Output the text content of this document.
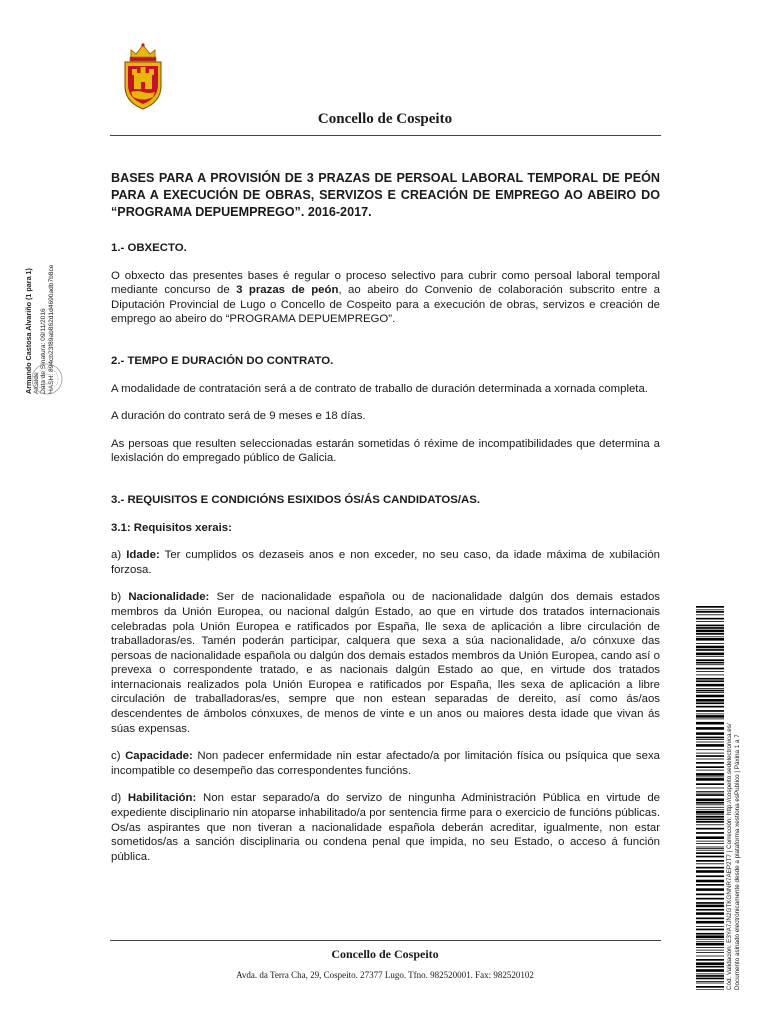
Concello de Cospeito
Armando Castosa Alvariño (1 para 1) Alcalde Data de Sinatura: 09/11/2016 HASH: 894cb23f89ab862d1d4690adb7b8ce

BASES PARA A PROVISIÓN DE 3 PRAZAS DE PERSOAL LABORAL TEMPORAL DE PEÓN PARA A EXECUCIÓN DE OBRAS, SERVIZOS E CREACIÓN DE EMPREGO AO ABEIRO DO “PROGRAMA DEPUEMPREGO”. 2016-2017.

1.- OBXECTO.

O obxecto das presentes bases é regular o proceso selectivo para cubrir como persoal laboral temporal mediante concurso de 3 prazas de peón, ao abeiro do Convenio de colaboración subscrito entre a Diputación Provincial de Lugo o Concello de Cospeito para a execución de obras, servizos e creación de emprego ao abeiro do “PROGRAMA DEPUEMPREGO”.

2.- TEMPO E DURACIÓN DO CONTRATO.

A modalidade de contratación será a de contrato de traballo de duración determinada a xornada completa.

A duración do contrato será de 9 meses e 18 días.

As persoas que resulten seleccionadas estarán sometidas ó réxime de incompatibilidades que determina a lexislación do empregado público de Galicia.

3.- REQUISITOS E CONDICIÓNS ESIXIDOS ÓS/ÁS CANDIDATOS/AS.

3.1: Requisitos xerais:

a) Idade: Ter cumplidos os dezaseis anos e non exceder, no seu caso, da idade máxima de xubilación forzosa.

b) Nacionalidade: Ser de nacionalidade española ou de nacionalidade dalgún dos demais estados membros da Unión Europea, ou nacional dalgún Estado, ao que en virtude dos tratados internacionais celebradas pola Unión Europea e ratificados por España, lle sexa de aplicación a libre circulación de traballadoras/es. Tamén poderán participar, calquera que sexa a súa nacionalidade, a/o cónxuxe das persoas de nacionalidade española ou dalgún dos demais estados membros da Unión Europea, cando así o prevexa o correspondente tratado, e as nacionais dalgún Estado ao que, en virtude dos tratados internacionais realizados pola Unión Europea e ratificados por España, lles sexa de aplicación a libre circulación de traballadoras/es, sempre que non estean separadas de dereito, así como ás/aos descendentes de ámbolos cónxuxes, de menos de vinte e un anos ou maiores desta idade que vivan ás súas expensas.

c) Capacidade: Non padecer enfermidade nin estar afectado/a por limitación física ou psíquica que sexa incompatible co desempeño das correspondentes funcións.

d) Habilitación: Non estar separado/a do servizo de ningunha Administración Pública en virtude de expediente disciplinario nin atoparse inhabilitado/a por sentencia firme para o exercicio de funcións públicas. Os/as aspirantes que non tiveran a nacionalidade española deberán acreditar, igualmente, non estar sometidos/as a sanción disciplinaria ou condena penal que impida, no seu Estado, o acceso á función pública.	Cód. Validación: E3YA7JN2GTKGNNR7AEP2T7 | Corrección: http://cospeito.sedelectronica.es/ Documento asinado electrónicamente desde a plataforma xestiona esPublico | Páxina 1 a 7
Concello de Cospeito
Avda. da Terra Cha, 29, Cospeito. 27377 Lugo. Tfno. 982520001. Fax: 982520102
